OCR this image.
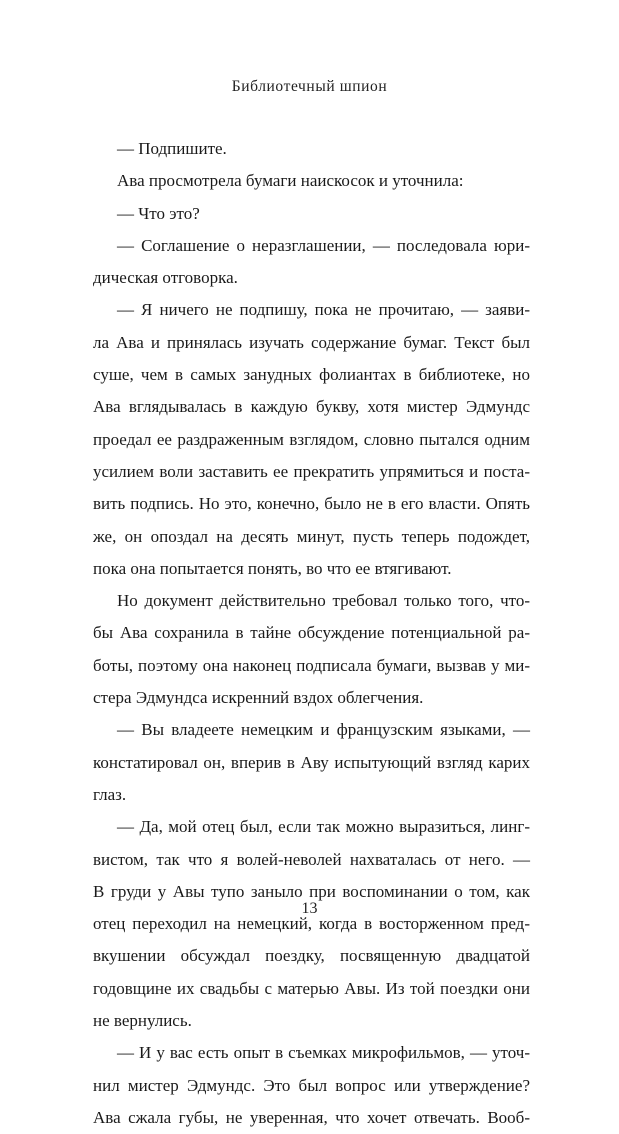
Библиотечный шпион
— Подпишите.
Ава просмотрела бумаги наискосок и уточнила:
— Что это?
— Соглашение о неразглашении, — последовала юри-
дическая отговорка.
— Я ничего не подпишу, пока не прочитаю, — заяви-
ла Ава и принялась изучать содержание бумаг. Текст был
суше, чем в самых занудных фолиантах в библиотеке, но
Ава вглядывалась в каждую букву, хотя мистер Эдмундс
проедал ее раздраженным взглядом, словно пытался одним
усилием воли заставить ее прекратить упрямиться и поста-
вить подпись. Но это, конечно, было не в его власти. Опять
же, он опоздал на десять минут, пусть теперь подождет,
пока она попытается понять, во что ее втягивают.
Но документ действительно требовал только того, что-
бы Ава сохранила в тайне обсуждение потенциальной ра-
боты, поэтому она наконец подписала бумаги, вызвав у ми-
стера Эдмундса искренний вздох облегчения.
— Вы владеете немецким и французским языками, —
констатировал он, вперив в Аву испытующий взгляд карих
глаз.
— Да, мой отец был, если так можно выразиться, линг-
вистом, так что я волей-неволей нахваталась от него. —
В груди у Авы тупо заныло при воспоминании о том, как
отец переходил на немецкий, когда в восторженном пред-
вкушении обсуждал поездку, посвященную двадцатой
годовщине их свадьбы с матерью Авы. Из той поездки они
не вернулись.
— И у вас есть опыт в съемках микрофильмов, — уточ-
нил мистер Эдмундс. Это был вопрос или утверждение?
Ава сжала губы, не уверенная, что хочет отвечать. Вооб-
13
